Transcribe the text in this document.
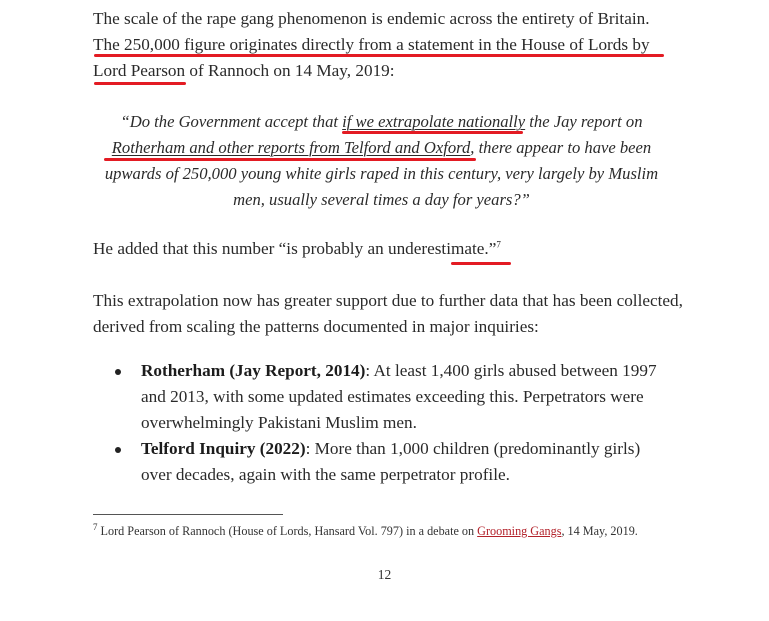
The scale of the rape gang phenomenon is endemic across the entirety of Britain.
The 250,000 figure originates directly from a statement in the House of Lords by
Lord Pearson of Rannoch on 14 May, 2019:

“Do the Government accept that if we extrapolate nationally the Jay report on Rotherham and other reports from Telford and Oxford, there appear to have been upwards of 250,000 young white girls raped in this century, very largely by Muslim men, usually several times a day for years?”

He added that this number “is probably an underestimate.”$^7$

This extrapolation now has greater support due to further data that has been collected, derived from scaling the patterns documented in major inquiries:

Rotherham (Jay Report, 2014): At least 1,400 girls abused between 1997 and 2013, with some updated estimates exceeding this. Perpetrators were overwhelmingly Pakistani Muslim men.
Telford Inquiry (2022): More than 1,000 children (predominantly girls) over decades, again with the same perpetrator profile.

$^7$ Lord Pearson of Rannoch (House of Lords, Hansard Vol. 797) in a debate on Grooming Gangs, 14 May, 2019.

12
